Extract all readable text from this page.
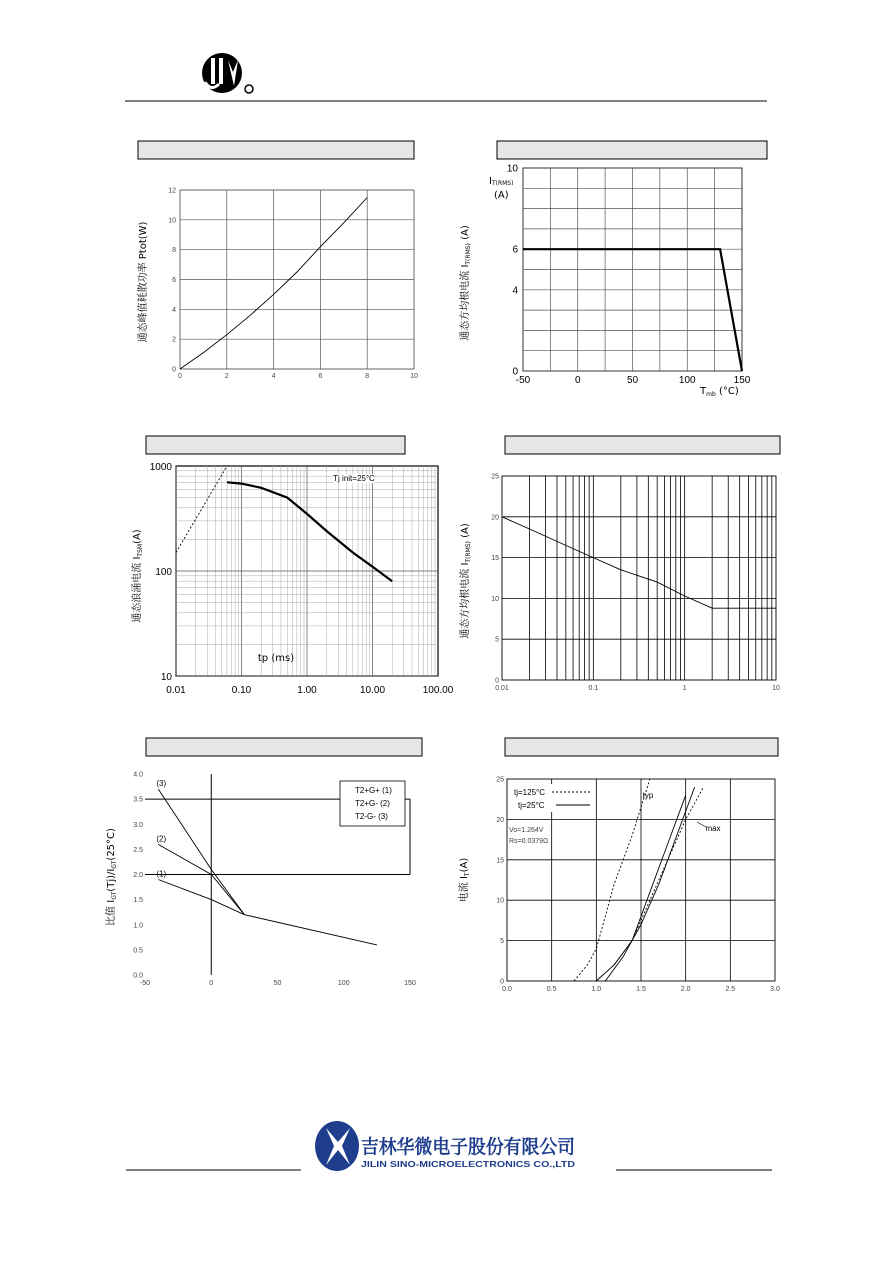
0	2	4	6	8	10
0
2
4
6
8
10
12
通态峰值耗散功率 Ptot(W)
-50	0	50	100	150
0
4
6
10
IT(RMS)
(A)
通态方均根电流 $I_{T(RMS)}$ (A)
$T_{mb}$ (°C)
0.01	0.10	1.00	10.00	100.00
10
100
1000
Tj init=25°C
tp (ms)
通态浪涌电流 $I_{TSM}(A)$
0.01	0.1	1	10
0
5
10
15
20
25
通态方均根电流 $I_{T(RMS)}$ (A)
-50	0	50	100	150
0.0
0.5
1.0
1.5
2.0
2.5
3.0
3.5
4.0
(1)
(2)
(3)
T2+G+ (1)
T2+G- (2)
T2-G- (3)
比值 $I_{GT}(Tj)/I_{GT}(25^\circ C)$
0.0	0.5	1.0	1.5	2.0	2.5	3.0
0
5
10
15
20
25
tj=125°C
tj=25°C
Vo=1.264V
Rs=0.0379Ω
typ
max
电流 $I_T(A)$
吉林华微电子股份有限公司
JILIN SINO-MICROELECTRONICS CO.,LTD
